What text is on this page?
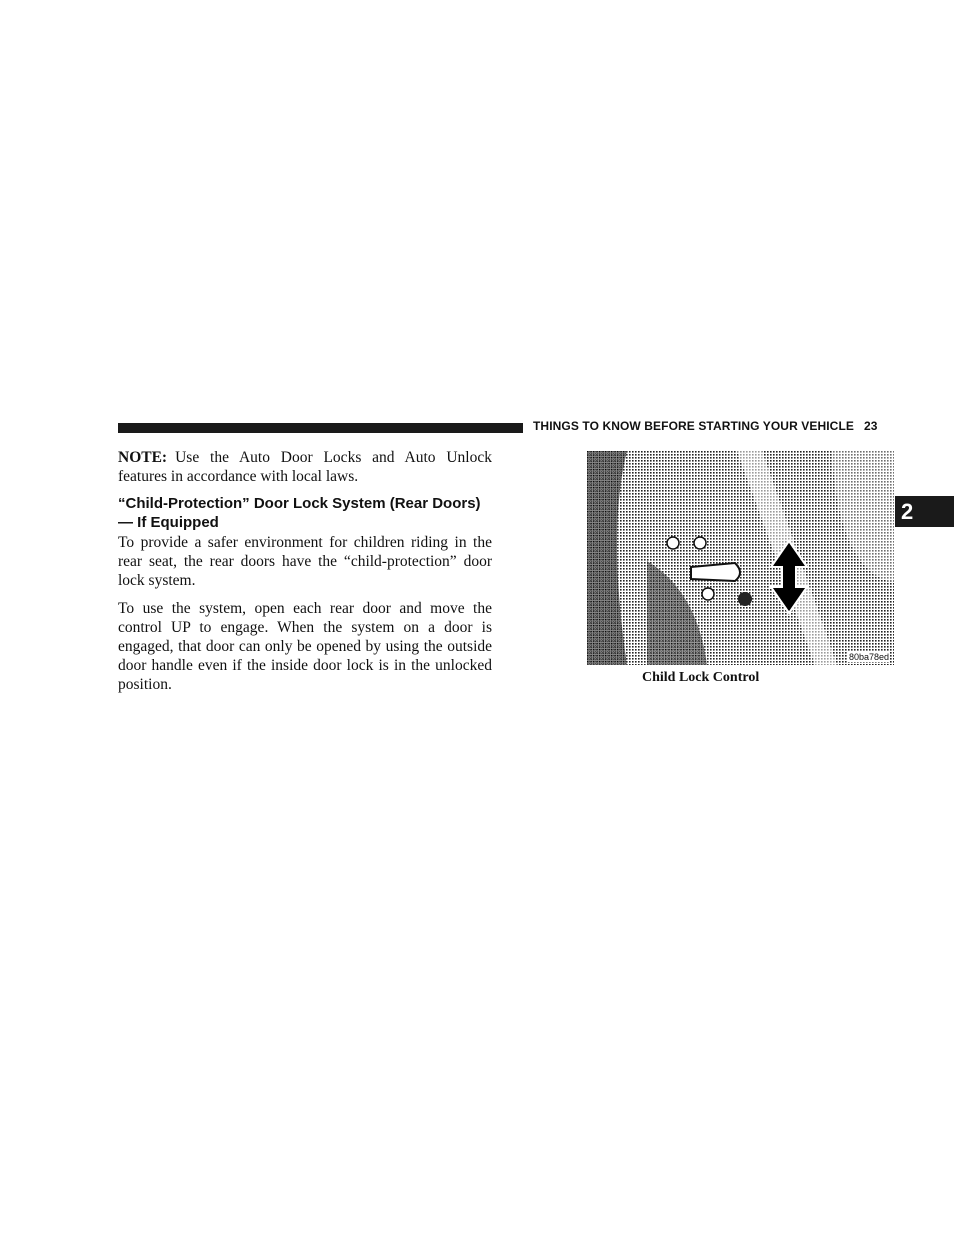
THINGS TO KNOW BEFORE STARTING YOUR VEHICLE 23
2

NOTE: Use the Auto Door Locks and Auto Unlock features in accordance with local laws.

“Child-Protection” Door Lock System (Rear Doors) — If Equipped

To provide a safer environment for children riding in the rear seat, the rear doors have the “child-protection” door lock system.

To use the system, open each rear door and move the control UP to engage. When the system on a door is engaged, that door can only be opened by using the outside door handle even if the inside door lock is in the unlocked position.

80ba78ed
Child Lock Control
